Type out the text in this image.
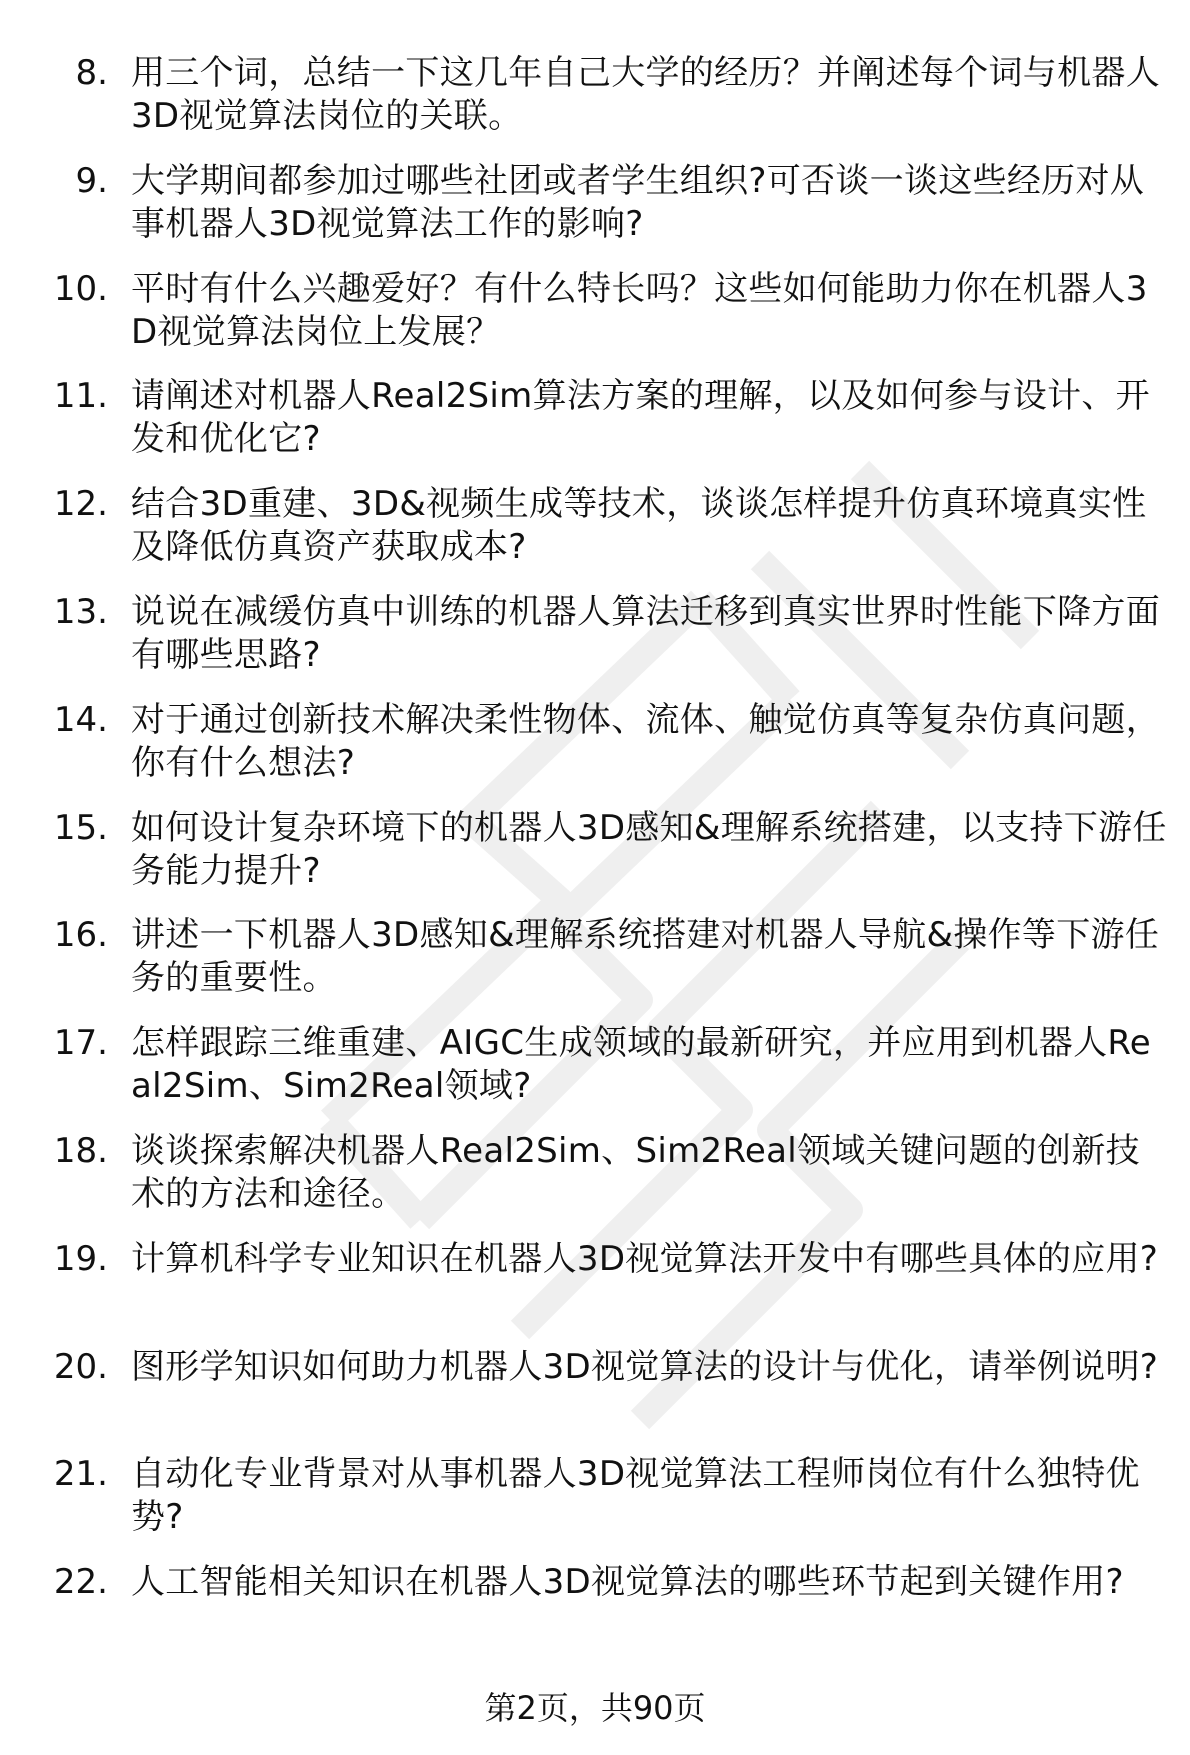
8. 用三个词，总结一下这几年自己大学的经历？并阐述每个词与机器人3D视觉算法岗位的关联。
9. 大学期间都参加过哪些社团或者学生组织?可否谈一谈这些经历对从事机器人3D视觉算法工作的影响?
10. 平时有什么兴趣爱好？有什么特长吗？这些如何能助力你在机器人3D视觉算法岗位上发展？
11. 请阐述对机器人Real2Sim算法方案的理解，以及如何参与设计、开发和优化它?
12. 结合3D重建、3D&视频生成等技术，谈谈怎样提升仿真环境真实性及降低仿真资产获取成本?
13. 说说在减缓仿真中训练的机器人算法迁移到真实世界时性能下降方面有哪些思路?
14. 对于通过创新技术解决柔性物体、流体、触觉仿真等复杂仿真问题，你有什么想法?
15. 如何设计复杂环境下的机器人3D感知&理解系统搭建，以支持下游任务能力提升?
16. 讲述一下机器人3D感知&理解系统搭建对机器人导航&操作等下游任务的重要性。
17. 怎样跟踪三维重建、AIGC生成领域的最新研究，并应用到机器人Real2Sim、Sim2Real领域?
18. 谈谈探索解决机器人Real2Sim、Sim2Real领域关键问题的创新技术的方法和途径。
19. 计算机科学专业知识在机器人3D视觉算法开发中有哪些具体的应用?
20. 图形学知识如何助力机器人3D视觉算法的设计与优化，请举例说明?
21. 自动化专业背景对从事机器人3D视觉算法工程师岗位有什么独特优势?
22. 人工智能相关知识在机器人3D视觉算法的哪些环节起到关键作用?
第2页，共90页
